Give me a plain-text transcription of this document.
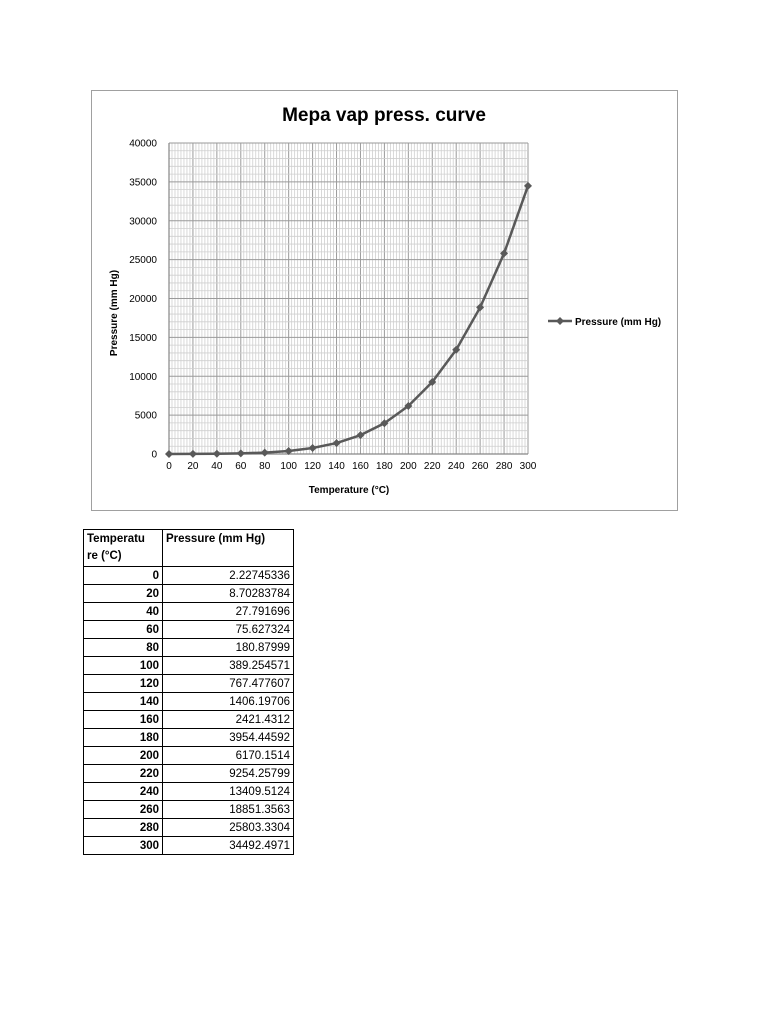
Mepa vap press. curve
0 20 40 60 80 100 120 140 160 180 200 220 240 260 280 300
0
5000
10000
15000
20000
25000
30000
35000
40000
Temperature (°C)
Pressure (mm Hg)	Pressure (mm Hg)
Temperatu
re (°C)	Pressure (mm Hg)
0	2.22745336
20	8.70283784
40	27.791696
60	75.627324
80	180.87999
100	389.254571
120	767.477607
140	1406.19706
160	2421.4312
180	3954.44592
200	6170.1514
220	9254.25799
240	13409.5124
260	18851.3563
280	25803.3304
300	34492.4971
